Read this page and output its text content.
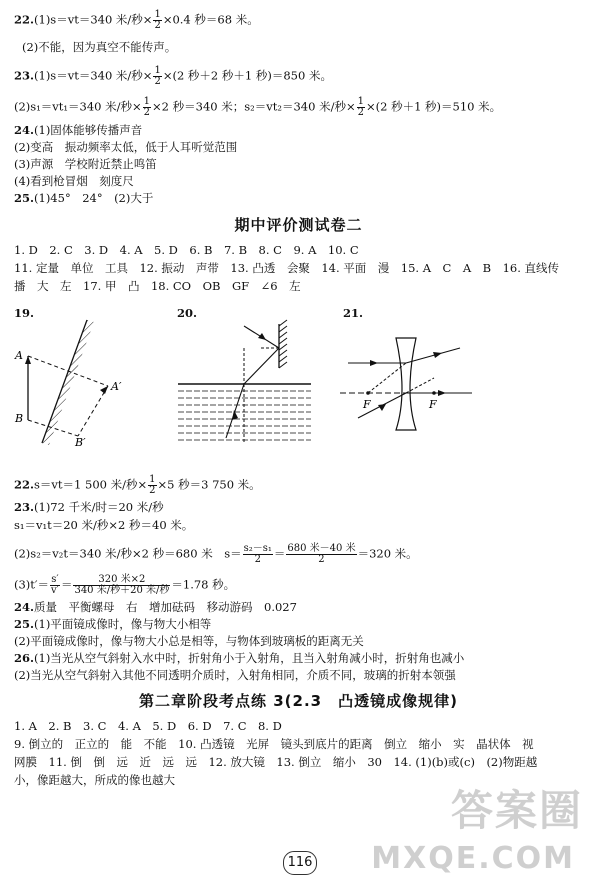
22.(1)s＝vt＝340 米/秒× $\frac{1}{2} \times 0.4$ 秒＝68 米。
(2)不能，因为真空不能传声。
23.(1)s＝vt＝340 米/秒× $\frac{1}{2} \times(2$ 秒＋2 秒＋1 秒)＝850 米。
(2)s₁＝vt₁＝340 米/秒× $\frac{1}{2} \times 2$ 秒＝340 米；s₂＝vt₂＝340 米/秒× $\frac{1}{2} \times(2$ 秒＋1 秒)＝510 米。
24.(1)固体能够传播声音
(2)变高　振动频率太低，低于人耳听觉范围
(3)声源　学校附近禁止鸣笛
(4)看到枪冒烟　刻度尺
25.(1)45°　24°　(2)大于
期中评价测试卷二
1. D　2. C　3. D　4. A　5. D　6. B　7. B　8. C　9. A　10. C
11. 定量　单位　工具　12. 振动　声带　13. 凸透　会聚　14. 平面　漫　15. A　C　A　B　16. 直线传
播　大　左　17. 甲　凸　18. CO　OB　GF　∠6　左
19.	20.	21.
A
B
A′
B′
F	F
22.s＝vt＝1 500 米/秒× $\frac{1}{2} \times 5$ 秒＝3 750 米。
23.(1)72 千米/时＝20 米/秒
s₁＝v₁t＝20 米/秒×2 秒＝40 米。
(2)s₂＝v₂t＝340 米/秒×2 秒＝680 米　$s= \frac{\text{s₂－s₁}}{2} = \frac{\text{680 米－40 米}}{2} =320$ 米。
$(3)t'= \frac{s'}{v'} = \frac{\text{320 米×2}}{\text{340 米/秒＋20 米/秒}} =1.78$ 秒。
24.质量　平衡螺母　右　增加砝码　移动游码　0.027
25.(1)平面镜成像时，像与物大小相等
(2)平面镜成像时，像与物大小总是相等，与物体到玻璃板的距离无关
26.(1)当光从空气斜射入水中时，折射角小于入射角，且当入射角减小时，折射角也减小
(2)当光从空气斜射入其他不同透明介质时，入射角相同，介质不同，玻璃的折射本领强
第二章阶段考点练 3(2.3　凸透镜成像规律)
1. A　2. B　3. C　4. A　5. D　6. D　7. C　8. D
9. 倒立的　正立的　能　不能　10. 凸透镜　光屏　镜头到底片的距离　倒立　缩小　实　晶状体　视
网膜　11. 倒　倒　远　近　远　远　12. 放大镜　13. 倒立　缩小　30　14. (1)(b)或(c)　(2)物距越
小，像距越大，所成的像也越大
116
答案圈
MXQE.COM
